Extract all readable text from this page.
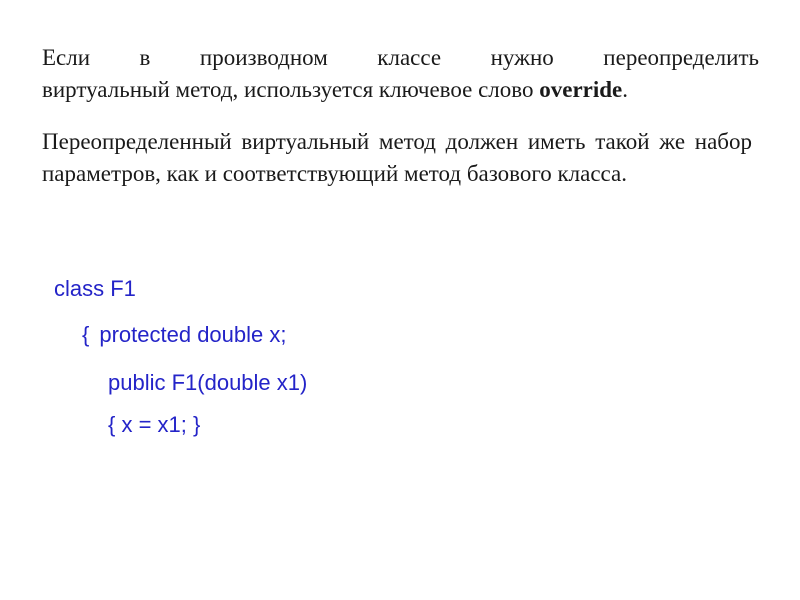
Если в производном классе нужно переопределить
виртуальный метод, используется ключевое слово override.

Переопределенный виртуальный метод должен иметь такой же набор параметров, как и соответствующий метод базового класса.

class F1
{ protected double x;
public F1(double x1)
{ x = x1; }
